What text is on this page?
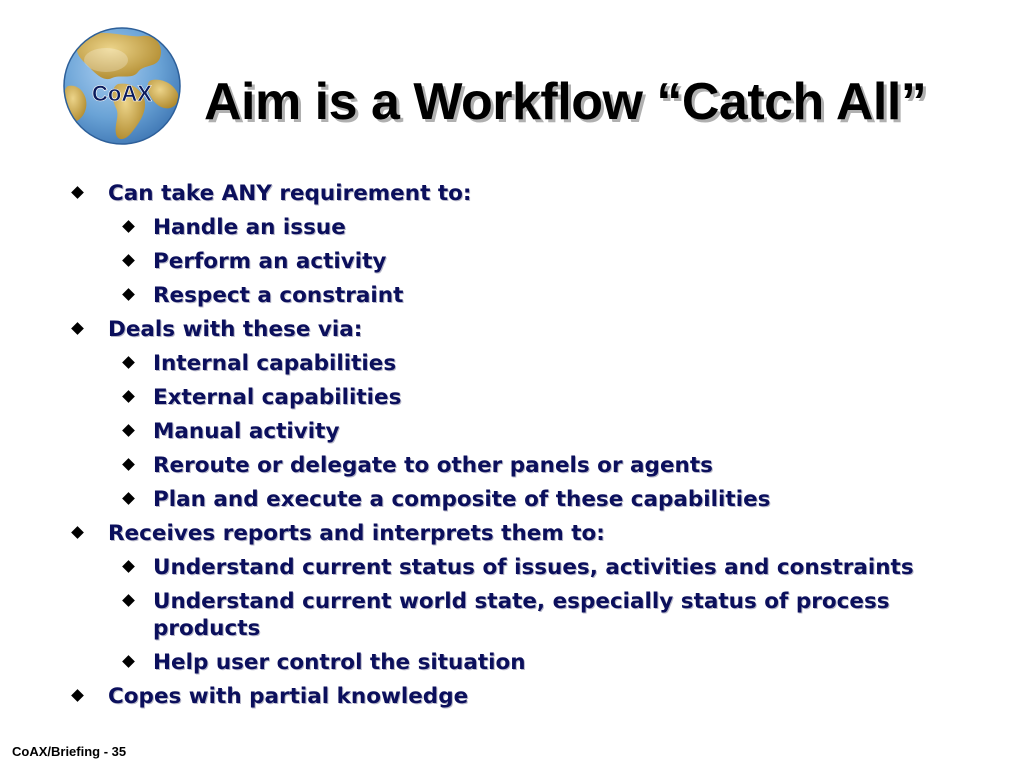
CoAX Aim is a Workflow “Catch All”
Can take ANY requirement to:
Handle an issue
Perform an activity
Respect a constraint
Deals with these via:
Internal capabilities
External capabilities
Manual activity
Reroute or delegate to other panels or agents
Plan and execute a composite of these capabilities
Receives reports and interprets them to:
Understand current status of issues, activities and constraints
Understand current world state, especially status of process products
Help user control the situation
Copes with partial knowledge
CoAX/Briefing - 35
